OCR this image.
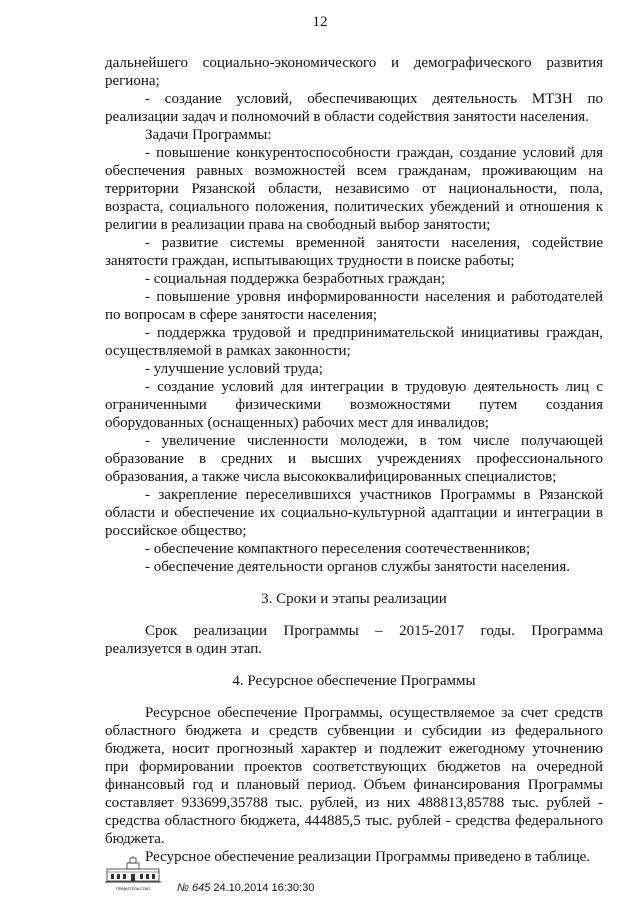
12

дальнейшего социально-экономического и демографического развития региона;

- создание условий, обеспечивающих деятельность МТЗН по реализации задач и полномочий в области содействия занятости населения.

Задачи Программы:

- повышение конкурентоспособности граждан, создание условий для обеспечения равных возможностей всем гражданам, проживающим на территории Рязанской области, независимо от национальности, пола, возраста, социального положения, политических убеждений и отношения к религии в реализации права на свободный выбор занятости;

- развитие системы временной занятости населения, содействие занятости граждан, испытывающих трудности в поиске работы;

- социальная поддержка безработных граждан;

- повышение уровня информированности населения и работодателей по вопросам в сфере занятости населения;

- поддержка трудовой и предпринимательской инициативы граждан, осуществляемой в рамках законности;

- улучшение условий труда;

- создание условий для интеграции в трудовую деятельность лиц с ограниченными физическими возможностями путем создания оборудованных (оснащенных) рабочих мест для инвалидов;

- увеличение численности молодежи, в том числе получающей образование в средних и высших учреждениях профессионального образования, а также числа высококвалифицированных специалистов;

- закрепление переселившихся участников Программы в Рязанской области и обеспечение их социально-культурной адаптации и интеграции в российское общество;

- обеспечение компактного переселения соотечественников;

- обеспечение деятельности органов службы занятости населения.

3. Сроки и этапы реализации

Срок реализации Программы – 2015-2017 годы. Программа реализуется в один этап.

4. Ресурсное обеспечение Программы

Ресурсное обеспечение Программы, осуществляемое за счет средств областного бюджета и средств субвенции и субсидии из федерального бюджета, носит прогнозный характер и подлежит ежегодному уточнению при формировании проектов соответствующих бюджетов на очередной финансовый год и плановый период. Объем финансирования Программы составляет 933699,35788 тыс. рублей, из них 488813,85788 тыс. рублей - средства областного бюджета, 444885,5 тыс. рублей - средства федерального бюджета.

Ресурсное обеспечение реализации Программы приведено в таблице.

ПРАВИТЕЛЬСТВО	№ 645 24.10.2014 16:30:30
